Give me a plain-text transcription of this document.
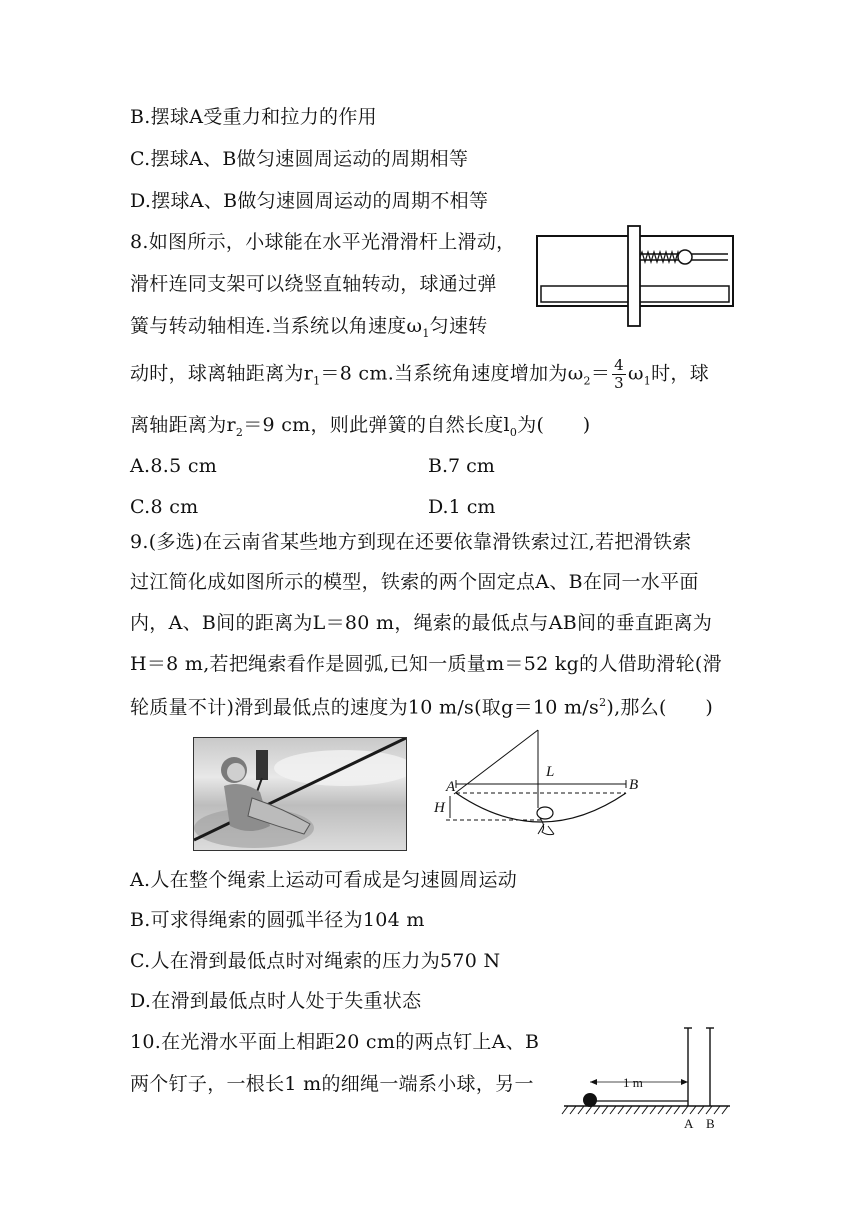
B.摆球A受重力和拉力的作用
C.摆球A、B做匀速圆周运动的周期相等
D.摆球A、B做匀速圆周运动的周期不相等
8.如图所示，小球能在水平光滑滑杆上滑动，
滑杆连同支架可以绕竖直轴转动，球通过弹
簧与转动轴相连.当系统以角速度$\omega_1$匀速转
动时，球离轴距离为$r_1=8$ cm.当系统角速度增加为$\omega_2= \frac{4}{3} \omega_1$时，球
离轴距离为$r_2=9$ cm，则此弹簧的自然长度$l_0$为(　　)
A.8.5 cm	B.7 cm
C.8 cm	D.1 cm
9.(多选)在云南省某些地方到现在还要依靠滑铁索过江,若把滑铁索
过江简化成如图所示的模型，铁索的两个固定点A、B在同一水平面
内，A、B间的距离为L＝80 m，绳索的最低点与AB间的垂直距离为
H＝8 m,若把绳索看作是圆弧,已知一质量m＝52 kg的人借助滑轮(滑
轮质量不计)滑到最低点的速度为10 m/s(取g＝10 $m/s^2$),那么(　　)
A	B
L
H
A.人在整个绳索上运动可看成是匀速圆周运动
B.可求得绳索的圆弧半径为104 m
C.人在滑到最低点时对绳索的压力为570 N
D.在滑到最低点时人处于失重状态
10.在光滑水平面上相距20 cm的两点钉上A、B
两个钉子，一根长1 m的细绳一端系小球，另一	1 m
A B
